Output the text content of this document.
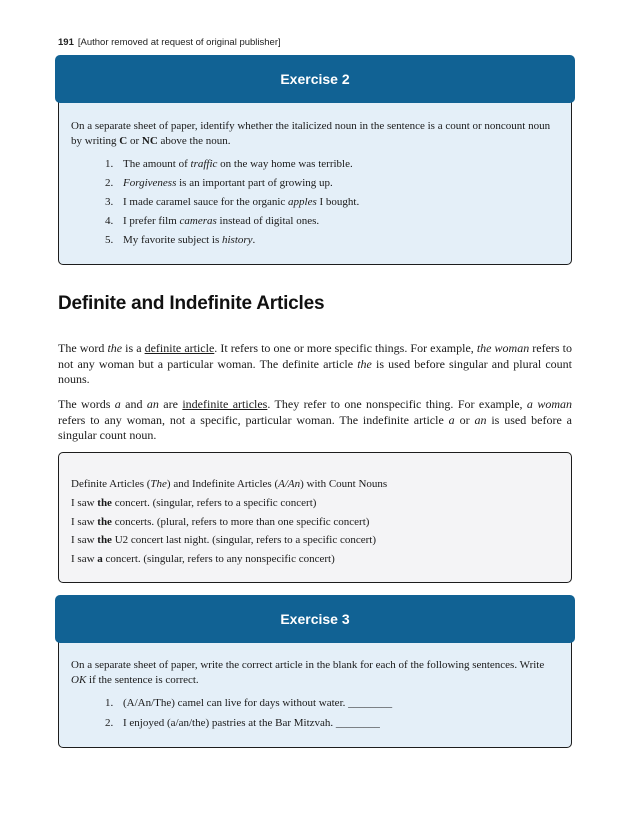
191 [Author removed at request of original publisher]
Exercise 2
On a separate sheet of paper, identify whether the italicized noun in the sentence is a count or noncount noun by writing C or NC above the noun.
1. The amount of traffic on the way home was terrible.
2. Forgiveness is an important part of growing up.
3. I made caramel sauce for the organic apples I bought.
4. I prefer film cameras instead of digital ones.
5. My favorite subject is history.
Definite and Indefinite Articles

The word the is a definite article. It refers to one or more specific things. For example, the woman refers to not any woman but a particular woman. The definite article the is used before singular and plural count nouns.

The words a and an are indefinite articles. They refer to one nonspecific thing. For example, a woman refers to any woman, not a specific, particular woman. The indefinite article a or an is used before a singular count noun.

Definite Articles (The) and Indefinite Articles (A/An) with Count Nouns
I saw the concert. (singular, refers to a specific concert)
I saw the concerts. (plural, refers to more than one specific concert)
I saw the U2 concert last night. (singular, refers to a specific concert)
I saw a concert. (singular, refers to any nonspecific concert)
Exercise 3
On a separate sheet of paper, write the correct article in the blank for each of the following sentences. Write OK if the sentence is correct.
1. (A/An/The) camel can live for days without water. ________
2. I enjoyed (a/an/the) pastries at the Bar Mitzvah. ________
